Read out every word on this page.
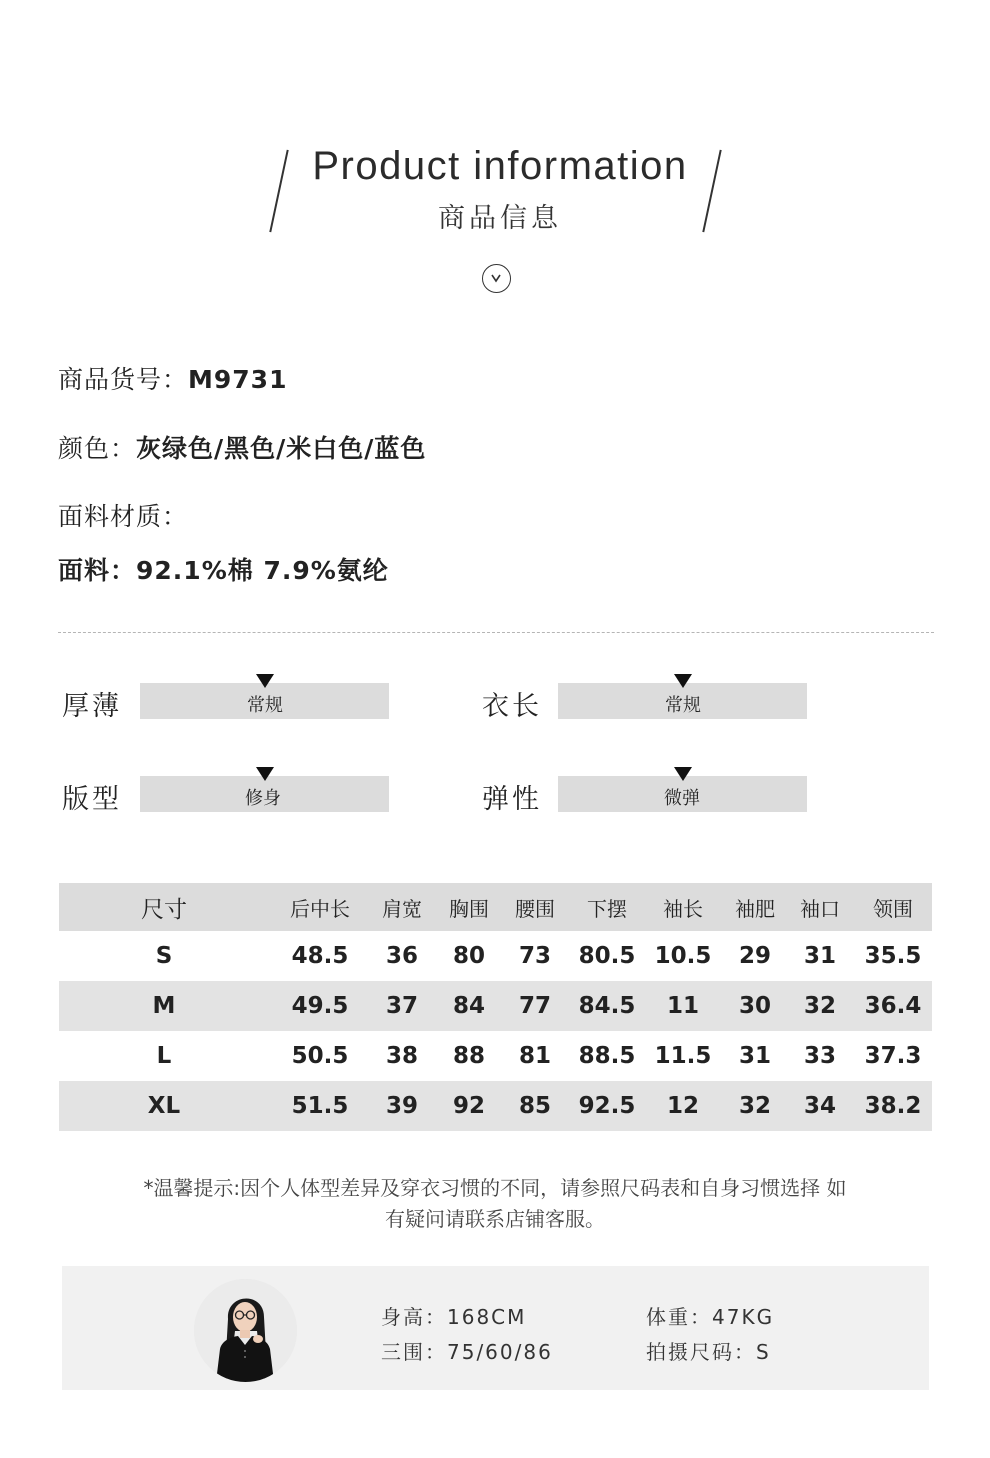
Product information
商品信息
商品货号：M9731
颜色：灰绿色/黑色/米白色/蓝色
面料材质：
面料：92.1%棉 7.9%氨纶
厚薄	常规	衣长	常规
版型	修身	弹性	微弹
尺寸	后中长 肩宽 胸围 腰围 下摆 袖长 袖肥 袖口 领围
S	48.5 36 80 73 80.5 10.5 29 31 35.5
M	49.5 37 84 77 84.5 11 30 32 36.4
L	50.5 38 88 81 88.5 11.5 31 33 37.3
XL	51.5 39 92 85 92.5 12 32 34 38.2
*温馨提示:因个人体型差异及穿衣习惯的不同，请参照尺码表和自身习惯选择 如
有疑问请联系店铺客服。
身高：168CM	体重：47KG
三围：75/60/86	拍摄尺码：S
